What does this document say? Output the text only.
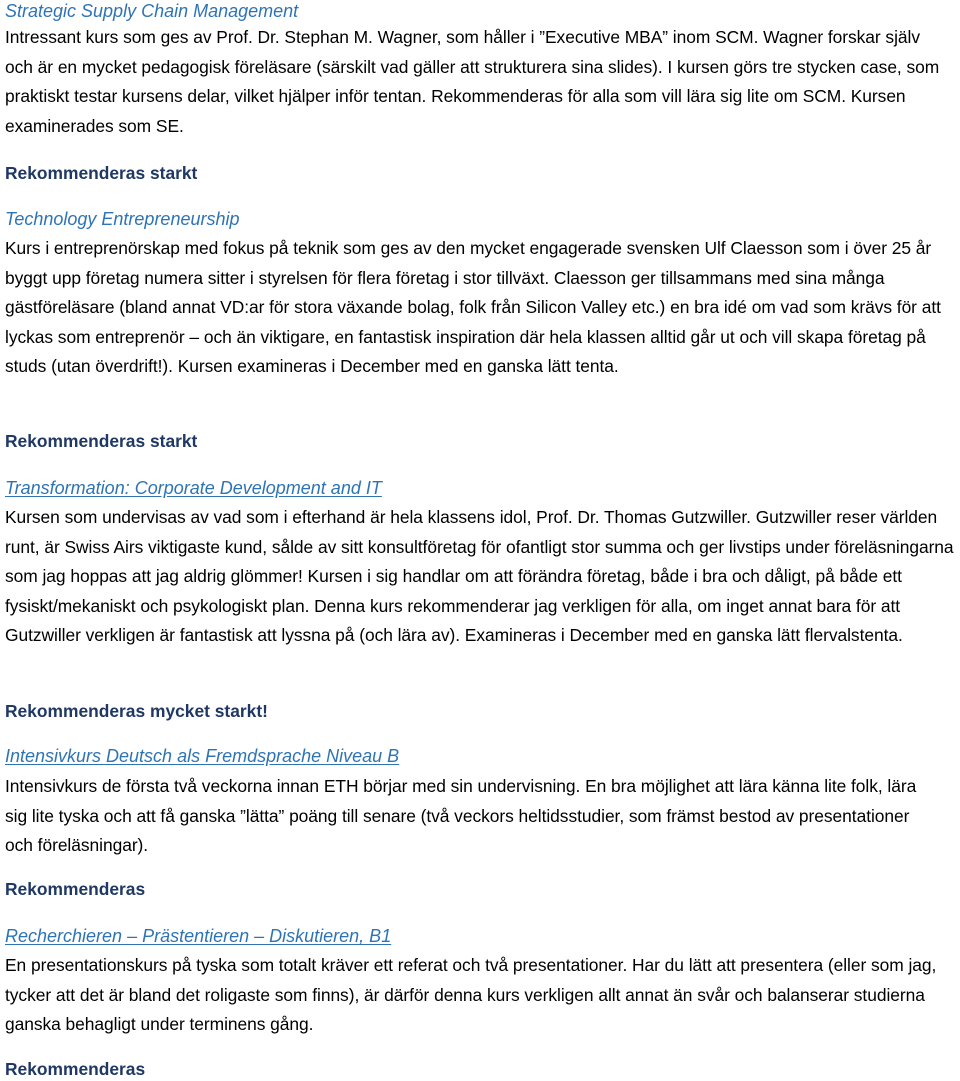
Strategic Supply Chain Management

Intressant kurs som ges av Prof. Dr. Stephan M. Wagner, som håller i ”Executive MBA” inom SCM. Wagner forskar själv och är en mycket pedagogisk föreläsare (särskilt vad gäller att strukturera sina slides). I kursen görs tre stycken case, som praktiskt testar kursens delar, vilket hjälper inför tentan. Rekommenderas för alla som vill lära sig lite om SCM. Kursen examinerades som SE.

Rekommenderas starkt

Technology Entrepreneurship

Kurs i entreprenörskap med fokus på teknik som ges av den mycket engagerade svensken Ulf Claesson som i över 25 år byggt upp företag numera sitter i styrelsen för flera företag i stor tillväxt. Claesson ger tillsammans med sina många gästföreläsare (bland annat VD:ar för stora växande bolag, folk från Silicon Valley etc.) en bra idé om vad som krävs för att lyckas som entreprenör – och än viktigare, en fantastisk inspiration där hela klassen alltid går ut och vill skapa företag på studs (utan överdrift!). Kursen examineras i December med en ganska lätt tenta.

Rekommenderas starkt

Transformation: Corporate Development and IT

Kursen som undervisas av vad som i efterhand är hela klassens idol, Prof. Dr. Thomas Gutzwiller. Gutzwiller reser världen runt, är Swiss Airs viktigaste kund, sålde av sitt konsultföretag för ofantligt stor summa och ger livstips under föreläsningarna som jag hoppas att jag aldrig glömmer! Kursen i sig handlar om att förändra företag, både i bra och dåligt, på både ett fysiskt/mekaniskt och psykologiskt plan. Denna kurs rekommenderar jag verkligen för alla, om inget annat bara för att Gutzwiller verkligen är fantastisk att lyssna på (och lära av). Examineras i December med en ganska lätt flervalstenta.

Rekommenderas mycket starkt!

Intensivkurs Deutsch als Fremdsprache Niveau B

Intensivkurs de första två veckorna innan ETH börjar med sin undervisning. En bra möjlighet att lära känna lite folk, lära sig lite tyska och att få ganska ”lätta” poäng till senare (två veckors heltidsstudier, som främst bestod av presentationer och föreläsningar).

Rekommenderas

Recherchieren – Prästentieren – Diskutieren, B1

En presentationskurs på tyska som totalt kräver ett referat och två presentationer. Har du lätt att presentera (eller som jag, tycker att det är bland det roligaste som finns), är därför denna kurs verkligen allt annat än svår och balanserar studierna ganska behagligt under terminens gång.

Rekommenderas
